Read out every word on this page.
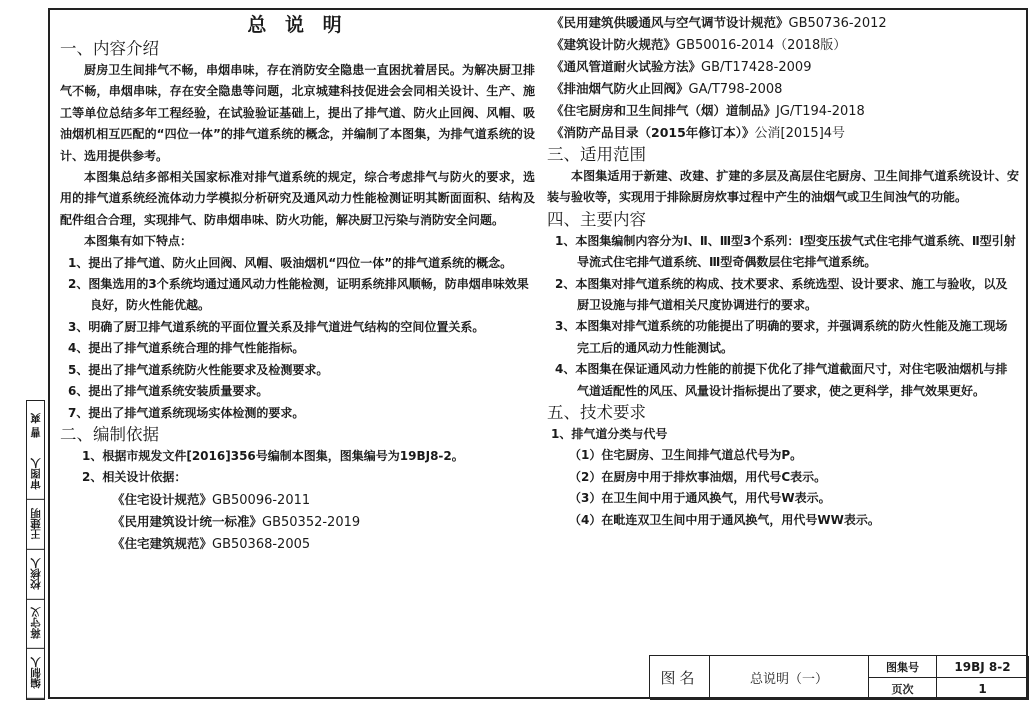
编制人
蒋守义
校核人
王建明
审图人
曹 爽
总 说 明
一、内容介绍
厨房卫生间排气不畅，串烟串味，存在消防安全隐患一直困扰着居民。为解决厨卫排气不畅，串烟串味，存在安全隐患等问题，北京城建科技促进会会同相关设计、生产、施工等单位总结多年工程经验，在试验验证基础上，提出了排气道、防火止回阀、风帽、吸油烟机相互匹配的“四位一体”的排气道系统的概念，并编制了本图集，为排气道系统的设计、选用提供参考。
本图集总结多部相关国家标准对排气道系统的规定，综合考虑排气与防火的要求，选用的排气道系统经流体动力学模拟分析研究及通风动力性能检测证明其断面面积、结构及配件组合合理，实现排气、防串烟串味、防火功能，解决厨卫污染与消防安全问题。
本图集有如下特点：
1、提出了排气道、防火止回阀、风帽、吸油烟机“四位一体”的排气道系统的概念。
2、图集选用的3个系统均通过通风动力性能检测，证明系统排风顺畅，防串烟串味效果良好，防火性能优越。
3、明确了厨卫排气道系统的平面位置关系及排气道进气结构的空间位置关系。
4、提出了排气道系统合理的排气性能指标。
5、提出了排气道系统防火性能要求及检测要求。
6、提出了排气道系统安装质量要求。
7、提出了排气道系统现场实体检测的要求。
二、编制依据
1、根据市规发文件[2016]356号编制本图集，图集编号为19BJ8-2。
2、相关设计依据：
《住宅设计规范》GB50096-2011
《民用建筑设计统一标准》GB50352-2019
《住宅建筑规范》GB50368-2005
《民用建筑供暖通风与空气调节设计规范》GB50736-2012
《建筑设计防火规范》GB50016-2014（2018版）
《通风管道耐火试验方法》GB/T17428-2009
《排油烟气防火止回阀》GA/T798-2008
《住宅厨房和卫生间排气（烟）道制品》JG/T194-2018
《消防产品目录（2015年修订本）》公消[2015]4号
三、适用范围
本图集适用于新建、改建、扩建的多层及高层住宅厨房、卫生间排气道系统设计、安装与验收等，实现用于排除厨房炊事过程中产生的油烟气或卫生间浊气的功能。
四、主要内容
1、本图集编制内容分为Ⅰ、Ⅱ、Ⅲ型3个系列：Ⅰ型变压拔气式住宅排气道系统、Ⅱ型引射导流式住宅排气道系统、Ⅲ型奇偶数层住宅排气道系统。
2、本图集对排气道系统的构成、技术要求、系统选型、设计要求、施工与验收，以及厨卫设施与排气道相关尺度协调进行的要求。
3、本图集对排气道系统的功能提出了明确的要求，并强调系统的防火性能及施工现场完工后的通风动力性能测试。
4、本图集在保证通风动力性能的前提下优化了排气道截面尺寸，对住宅吸油烟机与排气道适配性的风压、风量设计指标提出了要求，使之更科学，排气效果更好。
五、技术要求
1、排气道分类与代号
（1）住宅厨房、卫生间排气道总代号为P。
（2）在厨房中用于排炊事油烟，用代号C表示。
（3）在卫生间中用于通风换气，用代号W表示。
（4）在毗连双卫生间中用于通风换气，用代号WW表示。
图名	总说明（一）
图集号	19BJ 8-2
页次	1
